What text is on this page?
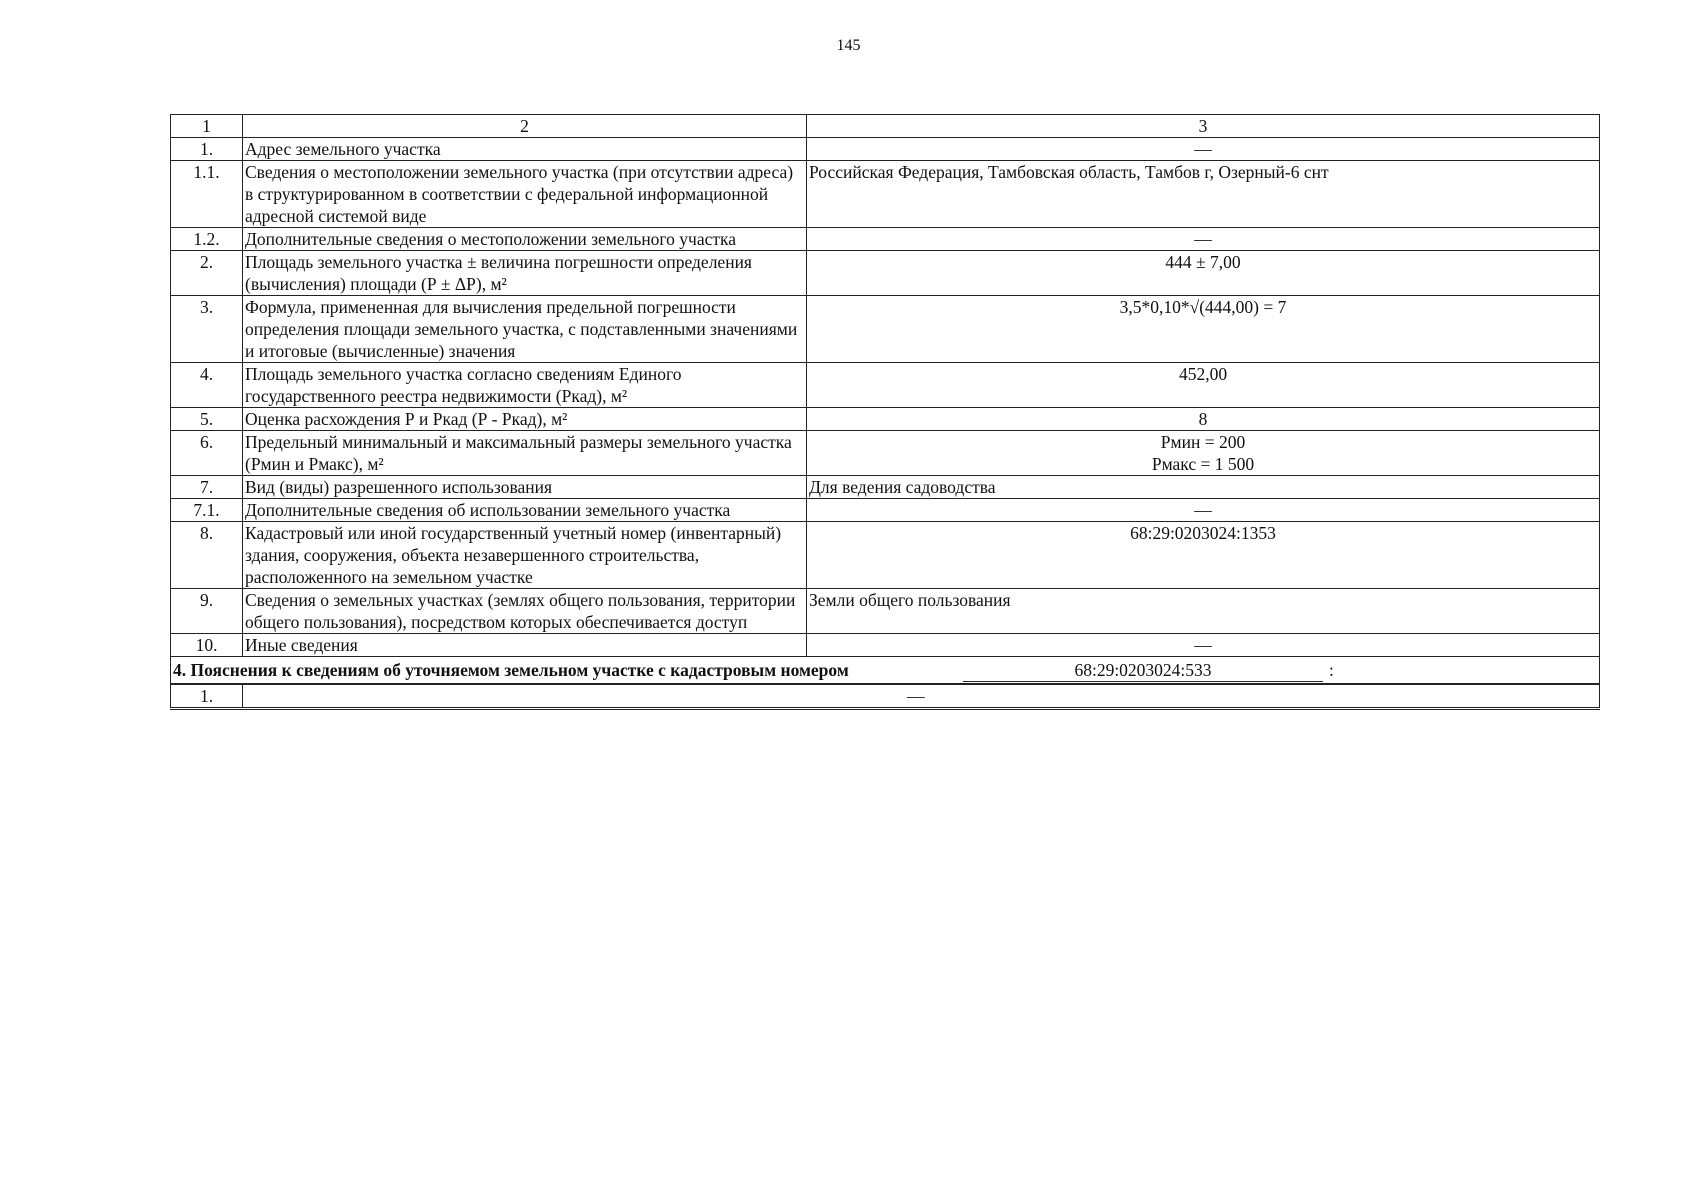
145
1	2	3
1.	Адрес земельного участка	—
1.1.	Сведения о местоположении земельного участка (при отсутствии адреса) в структурированном в соответствии с федеральной информационной адресной системой виде	Российская Федерация, Тамбовская область, Тамбов г, Озерный-6 снт
1.2.	Дополнительные сведения о местоположении земельного участка	—
2.	Площадь земельного участка ± величина погрешности определения (вычисления) площади (Р ± ΔР), м²	444 ± 7,00
3.	Формула, примененная для вычисления предельной погрешности определения площади земельного участка, с подставленными значениями и итоговые (вычисленные) значения	3,5*0,10*√(444,00) = 7
4.	Площадь земельного участка согласно сведениям Единого государственного реестра недвижимости (Ркад), м²	452,00
5.	Оценка расхождения Р и Ркад (Р - Ркад), м²	8
6.	Предельный минимальный и максимальный размеры земельного участка (Рмин и Рмакс), м²	Рмин = 200
Рмакс = 1 500

7.	Вид (виды) разрешенного использования	Для ведения садоводства
7.1.	Дополнительные сведения об использовании земельного участка	—
8.	Кадастровый или иной государственный учетный номер (инвентарный) здания, сооружения, объекта незавершенного строительства, расположенного на земельном участке	68:29:0203024:1353
9.	Сведения о земельных участках (землях общего пользования, территории общего пользования), посредством которых обеспечивается доступ	Земли общего пользования
10.	Иные сведения	—
4. Пояснения к сведениям об уточняемом земельном участке с кадастровым номером 68:29:0203024:533 :		

1.	—	
